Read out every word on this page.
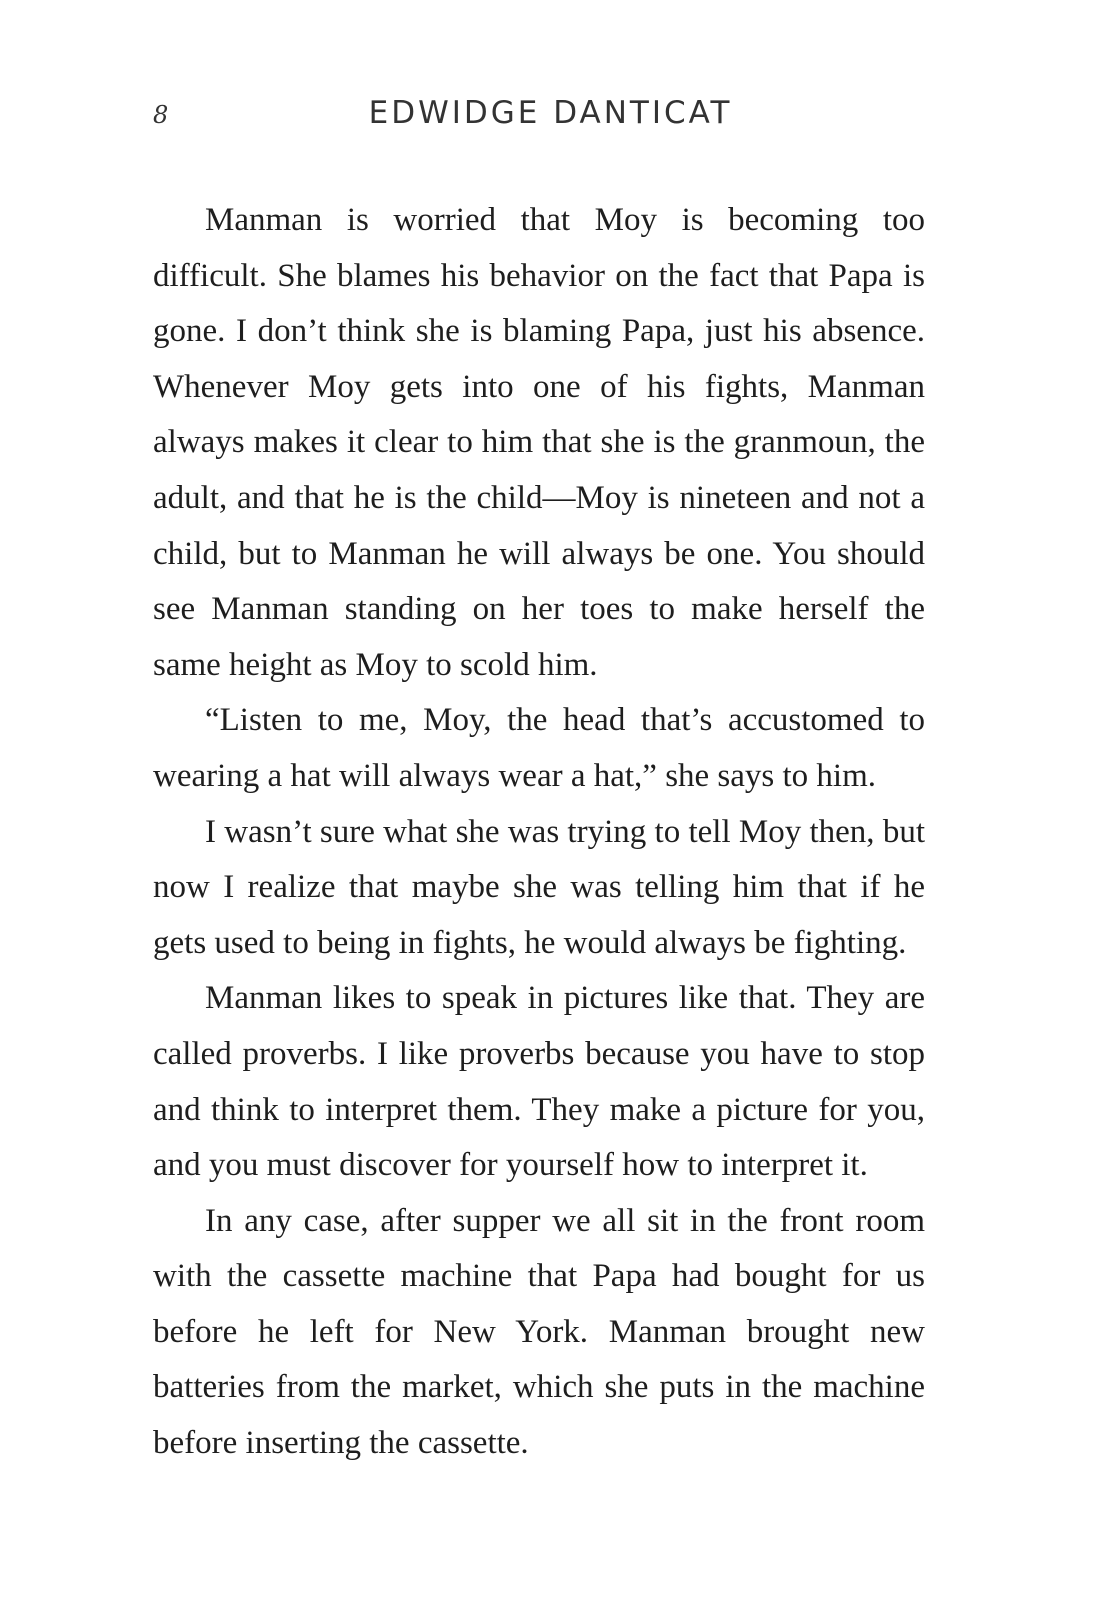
8	EDWIDGE DANTICAT

Manman is worried that Moy is becoming too difficult. She blames his behavior on the fact that Papa is gone. I don’t think she is blaming Papa, just his absence. Whenever Moy gets into one of his fights, Manman always makes it clear to him that she is the granmoun, the adult, and that he is the child—Moy is nineteen and not a child, but to Manman he will always be one. You should see Manman standing on her toes to make herself the same height as Moy to scold him.

“Listen to me, Moy, the head that’s accustomed to wearing a hat will always wear a hat,” she says to him.

I wasn’t sure what she was trying to tell Moy then, but now I realize that maybe she was telling him that if he gets used to being in fights, he would always be fighting.

Manman likes to speak in pictures like that. They are called proverbs. I like proverbs because you have to stop and think to interpret them. They make a picture for you, and you must discover for yourself how to interpret it.

In any case, after supper we all sit in the front room with the cassette machine that Papa had bought for us before he left for New York. Manman brought new batteries from the market, which she puts in the machine before inserting the cassette.
